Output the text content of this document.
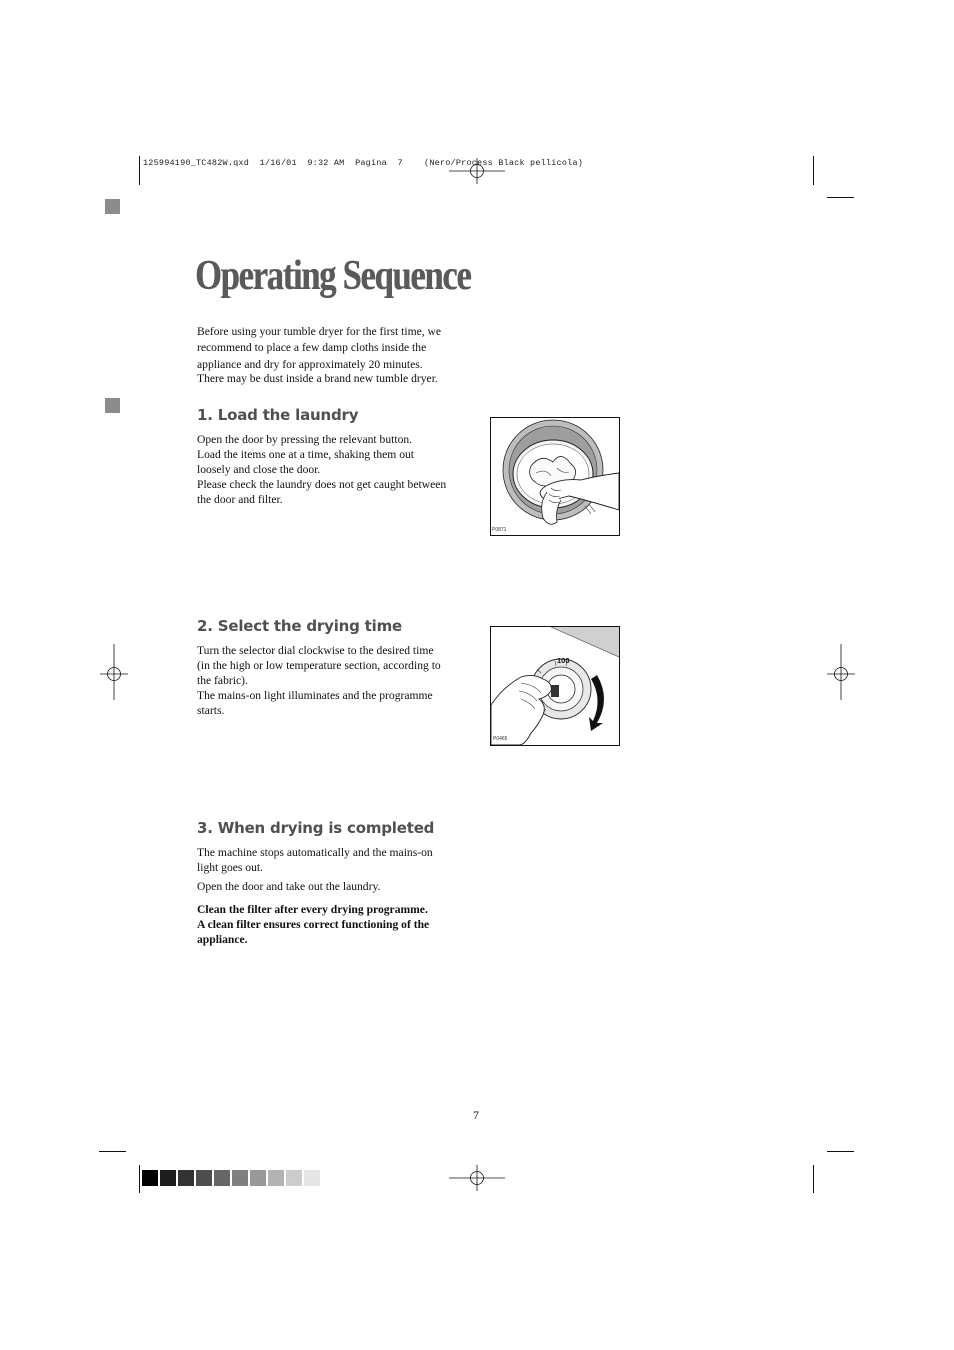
125994190_TC482W.qxd 1/16/01 9:32 AM Pagina 7 (Nero/Process Black pellicola)
Operating Sequence

Before using your tumble dryer for the first time, we

recommend to place a few damp cloths inside the

appliance and dry for approximately 20 minutes.

There may be dust inside a brand new tumble dryer.

1. Load the laundry

Open the door by pressing the relevant button.

Load the items one at a time, shaking them out

loosely and close the door.

Please check the laundry does not get caught between

the door and filter.

P0871
2. Select the drying time

Turn the selector dial clockwise to the desired time

(in the high or low temperature section, according to

the fabric).

The mains-on light illuminates and the programme

starts.

100
P0465
3. When drying is completed

The machine stops automatically and the mains-on

light goes out.

Open the door and take out the laundry.

Clean the filter after every drying programme.

A clean filter ensures correct functioning of the

appliance.

7
